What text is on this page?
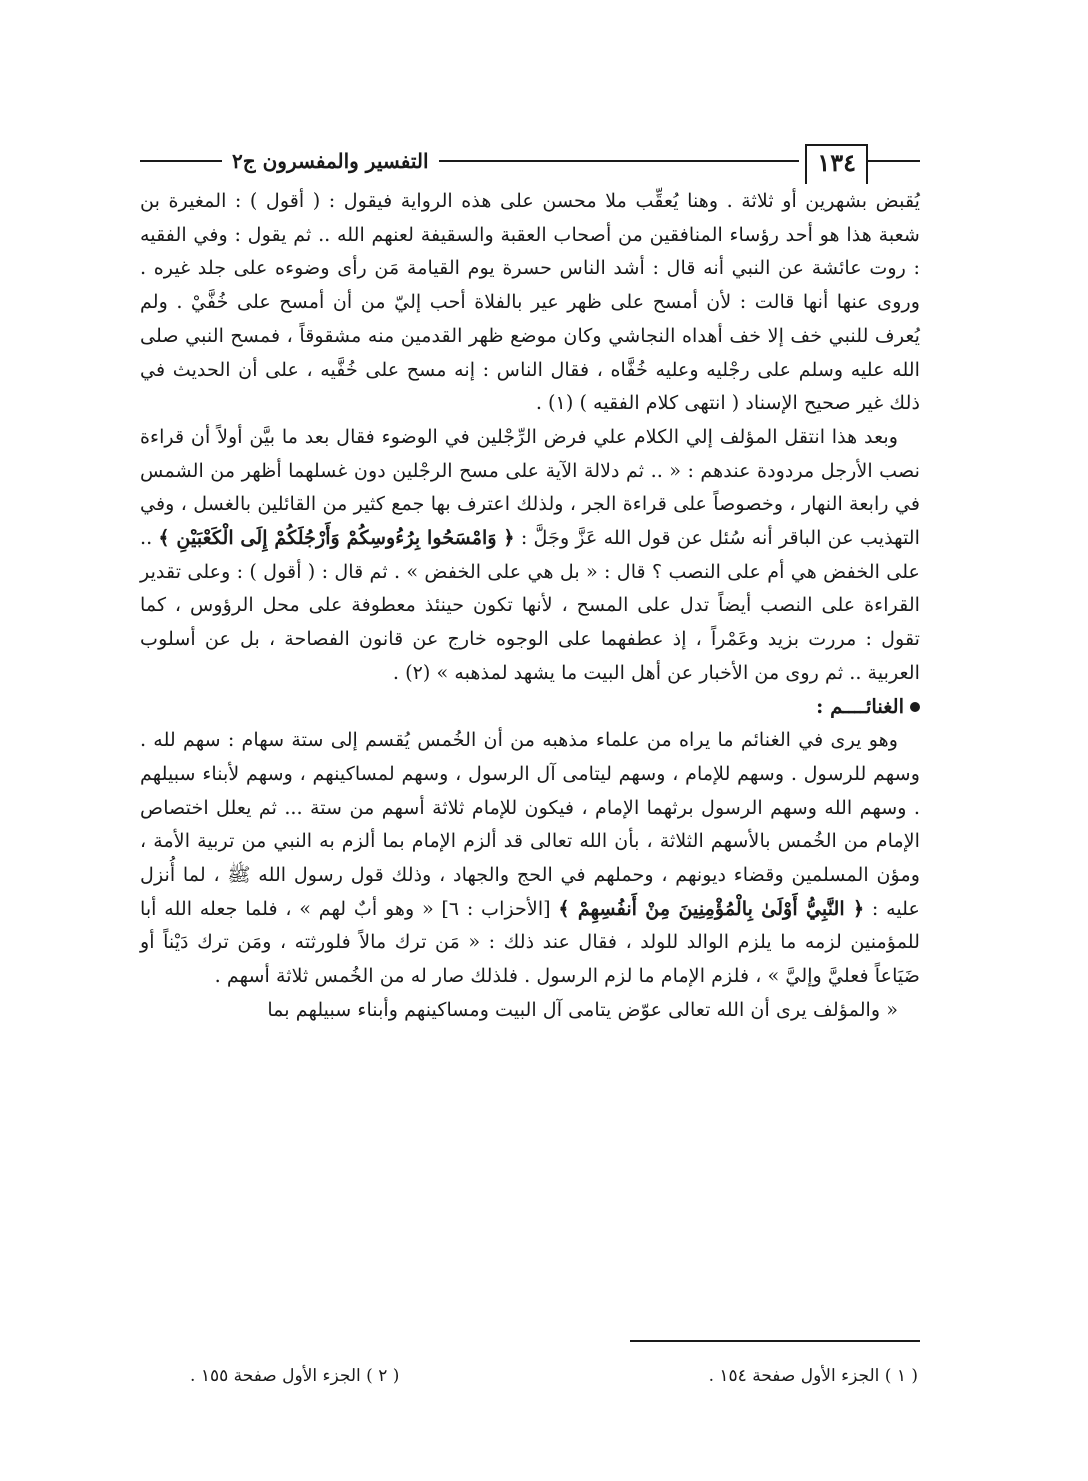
١٣٤
التفسير والمفسرون ج٢

يُقبض بشهرين أو ثلاثة . وهنا يُعقِّب ملا محسن على هذه الرواية فيقول : ( أقول ) : المغيرة بن شعبة هذا هو أحد رؤساء المنافقين من أصحاب العقبة والسقيفة لعنهم الله .. ثم يقول : وفي الفقيه : روت عائشة عن النبي أنه قال : أشد الناس حسرة يوم القيامة مَن رأى وضوءه على جلد غيره . وروى عنها أنها قالت : لأن أمسح على ظهر عير بالفلاة أحب إليّ من أن أمسح على خُفَّيْ . ولم يُعرف للنبي خف إلا خف أهداه النجاشي وكان موضع ظهر القدمين منه مشقوقاً ، فمسح النبي صلى الله عليه وسلم على رجْليه وعليه خُفَّاه ، فقال الناس : إنه مسح على خُفَّيه ، على أن الحديث في ذلك غير صحيح الإسناد ( انتهى كلام الفقيه ) (١) .

وبعد هذا انتقل المؤلف إلي الكلام علي فرض الرِّجْلين في الوضوء فقال بعد ما بيَّن أولاً أن قراءة نصب الأرجل مردودة عندهم : « .. ثم دلالة الآية على مسح الرجْلين دون غسلهما أظهر من الشمس في رابعة النهار ، وخصوصاً على قراءة الجر ، ولذلك اعترف بها جمع كثير من القائلين بالغسل ، وفي التهذيب عن الباقر أنه سُئل عن قول الله عَزَّ وجَلَّ : ﴿ وَامْسَحُوا بِرُءُوسِكُمْ وَأَرْجُلَكُمْ إِلَى الْكَعْبَيْنِ ﴾ .. على الخفض هي أم على النصب ؟ قال : « بل هي على الخفض » . ثم قال : ( أقول ) : وعلى تقدير القراءة على النصب أيضاً تدل على المسح ، لأنها تكون حينئذ معطوفة على محل الرؤوس ، كما تقول : مررت بزيد وعَمْراً ، إذ عطفهما على الوجوه خارج عن قانون الفصاحة ، بل عن أسلوب العربية .. ثم روى من الأخبار عن أهل البيت ما يشهد لمذهبه » (٢) .

الغنائــــم :

وهو يرى في الغنائم ما يراه من علماء مذهبه من أن الخُمس يُقسم إلى ستة سهام : سهم لله . وسهم للرسول . وسهم للإمام ، وسهم ليتامى آل الرسول ، وسهم لمساكينهم ، وسهم لأبناء سبيلهم . وسهم الله وسهم الرسول برثهما الإمام ، فيكون للإمام ثلاثة أسهم من ستة ... ثم يعلل اختصاص الإمام من الخُمس بالأسهم الثلاثة ، بأن الله تعالى قد ألزم الإمام بما ألزم به النبي من تربية الأمة ، ومؤن المسلمين وقضاء ديونهم ، وحملهم في الحج والجهاد ، وذلك قول رسول الله ﷺ ، لما أُنزل عليه : ﴿ النَّبِيُّ أَوْلَىٰ بِالْمُؤْمِنِينَ مِنْ أَنفُسِهِمْ ﴾ [الأحزاب : ٦] « وهو أبٌ لهم » ، فلما جعله الله أبا للمؤمنين لزمه ما يلزم الوالد للولد ، فقال عند ذلك : « مَن ترك مالاً فلورثته ، ومَن ترك دَيْناً أو ضَيَاعاً فعليَّ وإليَّ » ، فلزم الإمام ما لزم الرسول . فلذلك صار له من الخُمس ثلاثة أسهم .

« والمؤلف يرى أن الله تعالى عوّض يتامى آل البيت ومساكينهم وأبناء سبيلهم بما

( ١ ) الجزء الأول صفحة ١٥٤ .
( ٢ ) الجزء الأول صفحة ١٥٥ .
